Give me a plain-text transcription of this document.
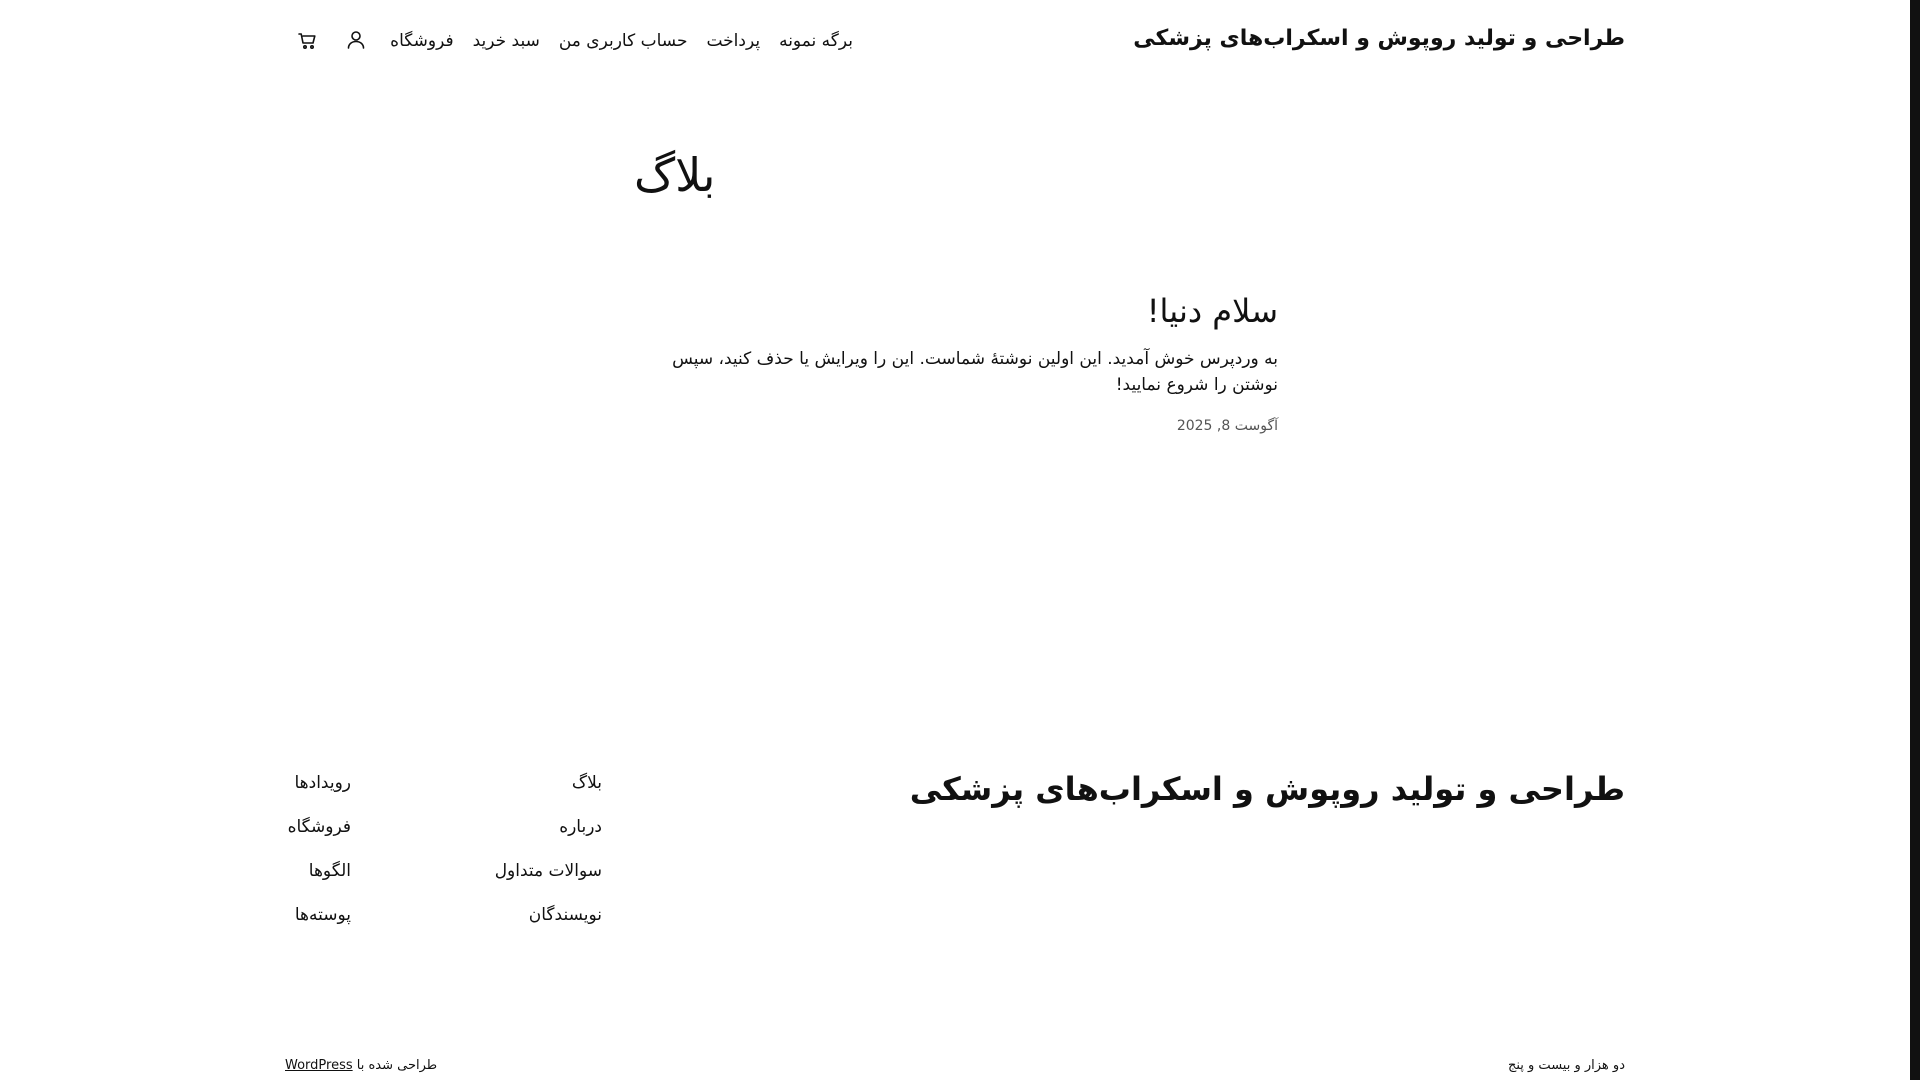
طراحی و تولید روپوش و اسکراب‌های پزشکی
برگه نمونه
پرداخت
حساب کاربری من
سبد خرید
فروشگاه
بلاگ
سلام دنیا!

به وردپرس خوش آمدید. این اولین نوشتهٔ شماست. این را ویرایش یا حذف کنید، سپس نوشتن را شروع نمایید!

آگوست 8, 2025

طراحی و تولید روپوش و اسکراب‌های پزشکی
بلاگ
درباره
سوالات متداول
نویسندگان
رویدادها
فروشگاه
الگوها
پوسته‌ها
دو هزار و بیست و پنج
طراحی شده با WordPress
